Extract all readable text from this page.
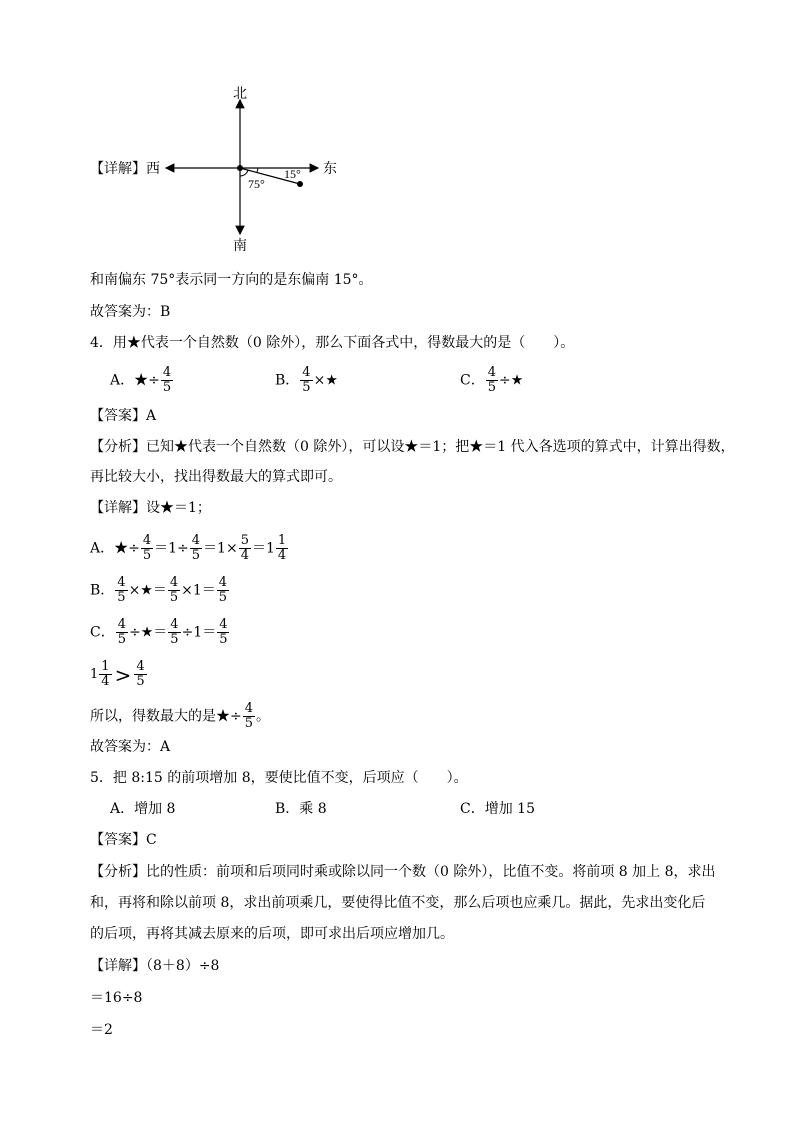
【详解】
北
南
东
西	15°
75°
和南偏东 75°表示同一方向的是东偏南 15°。
故答案为：B
4．用★代表一个自然数（0 除外），那么下面各式中，得数最大的是（　　）。
A．★÷ $\frac{4}{5}$	B． $\frac{4}{5}$ ×★	C． $\frac{4}{5}$ ÷★
【答案】A
【分析】已知★代表一个自然数（0 除外），可以设★＝1；把★＝1 代入各选项的算式中，计算出得数，
再比较大小，找出得数最大的算式即可。
【详解】设★＝1；
A．★÷ $\frac{4}{5} =1\div \frac{4}{5} =1\times \frac{5}{4} =1 \frac{1}{4}$
B． $\frac{4}{5}$ ×★＝ $\frac{4}{5} \times 1= \frac{4}{5}$
C． $\frac{4}{5}$ ÷★＝ $\frac{4}{5} \div 1= \frac{4}{5}$
$1 \frac{1}{4} > \frac{4}{5}$
所以，得数最大的是★÷ $\frac{4}{5}$ 。
故答案为：A
5．把 8:15 的前项增加 8，要使比值不变，后项应（　　）。
A．增加 8	B．乘 8	C．增加 15
【答案】C
【分析】比的性质：前项和后项同时乘或除以同一个数（0 除外），比值不变。将前项 8 加上 8，求出
和，再将和除以前项 8，求出前项乘几，要使得比值不变，那么后项也应乘几。据此，先求出变化后
的后项，再将其减去原来的后项，即可求出后项应增加几。
【详解】（8＋8）÷8
＝16÷8
＝2
